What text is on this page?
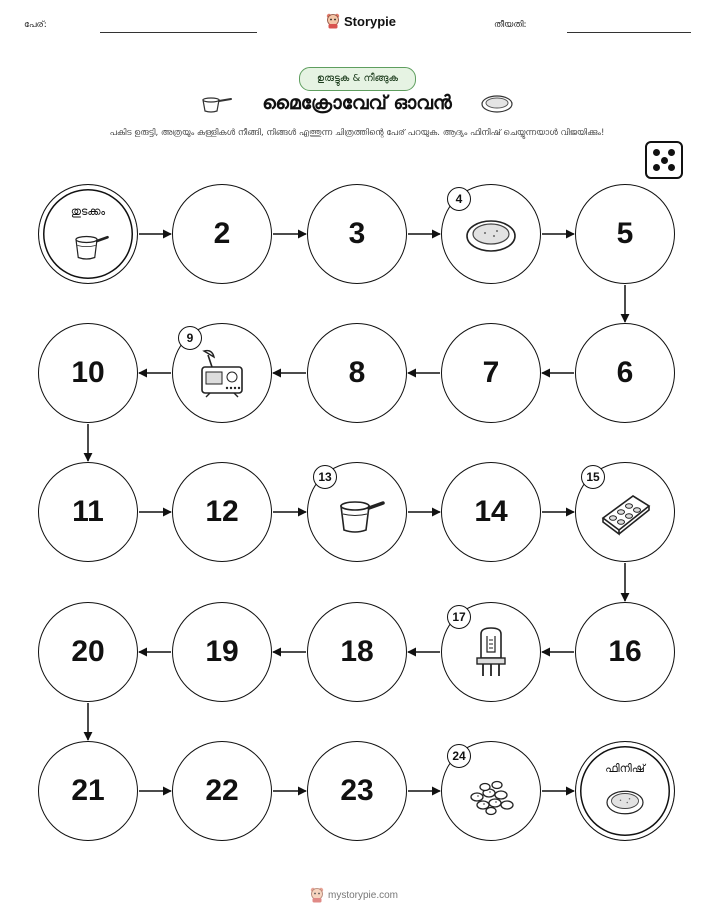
പേര്:	Storypie	തീയതി:
ഉരുട്ടുക & നീങ്ങുക
മൈക്രോവേവ് ഓവൻ
പകിട ഉരുട്ടി, അത്രയും കള്ളികൾ നീങ്ങി, നിങ്ങൾ എത്തുന്ന ചിത്രത്തിന്റെ പേര് പറയുക. ആദ്യം ഫിനിഷ് ചെയ്യുന്നയാൾ വിജയിക്കും!
തുടക്കം
2	3
4
5
6
7
8
9
10
11	12
13
14
15
16
17
18
19
20
21	22	23
24
ഫിനിഷ്
mystorypie.com
